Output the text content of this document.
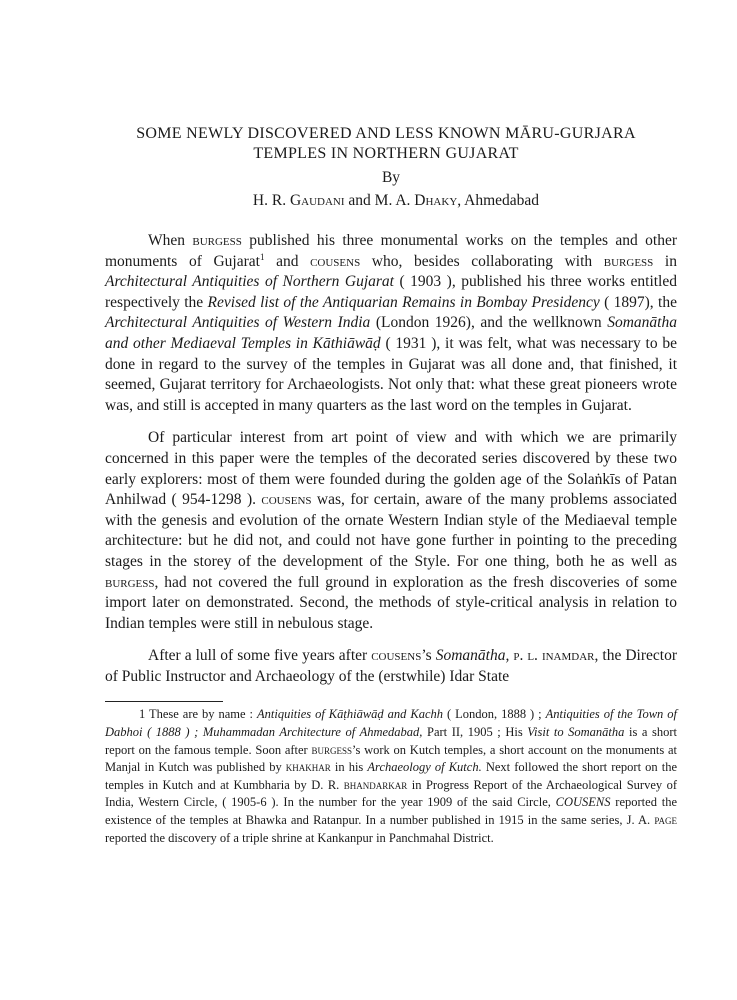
SOME NEWLY DISCOVERED AND LESS KNOWN MĀRU-GURJARA
TEMPLES IN NORTHERN GUJARAT
By
H. R. Gaudani and M. A. Dhaky, Ahmedabad

When burgess published his three monumental works on the temples and other monuments of Gujarat$^1$ and cousens who, besides collaborating with burgess in Architectural Antiquities of Northern Gujarat ( 1903 ), published his three works entitled respectively the Revised list of the Antiquarian Remains in Bombay Presidency ( 1897), the Architectural Antiquities of Western India (London 1926), and the wellknown Somanātha and other Mediaeval Temples in Kāthiāwāḍ ( 1931 ), it was felt, what was necessary to be done in regard to the survey of the temples in Gujarat was all done and, that finished, it seemed, Gujarat territory for Archaeologists. Not only that: what these great pioneers wrote was, and still is accepted in many quarters as the last word on the temples in Gujarat.

Of particular interest from art point of view and with which we are primarily concerned in this paper were the temples of the decorated series discovered by these two early explorers: most of them were founded during the golden age of the Solaṅkīs of Patan Anhilwad ( 954-1298 ). cousens was, for certain, aware of the many problems associated with the genesis and evolution of the ornate Western Indian style of the Mediaeval temple architecture: but he did not, and could not have gone further in pointing to the preceding stages in the storey of the development of the Style. For one thing, both he as well as burgess, had not covered the full ground in exploration as the fresh discoveries of some import later on demonstrated. Second, the methods of style-critical analysis in relation to Indian temples were still in nebulous stage.

After a lull of some five years after cousens’s Somanātha, p. l. inamdar, the Director of Public Instructor and Archaeology of the (erstwhile) Idar State

1 These are by name : Antiquities of Kāṭhiāwāḍ and Kachh ( London, 1888 ) ; Antiquities of the Town of Dabhoi ( 1888 ) ; Muhammadan Architecture of Ahmedabad, Part II, 1905 ; His Visit to Somanātha is a short report on the famous temple. Soon after burgess’s work on Kutch temples, a short account on the monuments at Manjal in Kutch was published by khakhar in his Archaeology of Kutch. Next followed the short report on the temples in Kutch and at Kumbharia by D. R. bhandarkar in Progress Report of the Archaeological Survey of India, Western Circle, ( 1905-6 ). In the number for the year 1909 of the said Circle, COUSENS reported the existence of the temples at Bhawka and Ratanpur. In a number published in 1915 in the same series, J. A. page reported the discovery of a triple shrine at Kankanpur in Panchmahal District.
